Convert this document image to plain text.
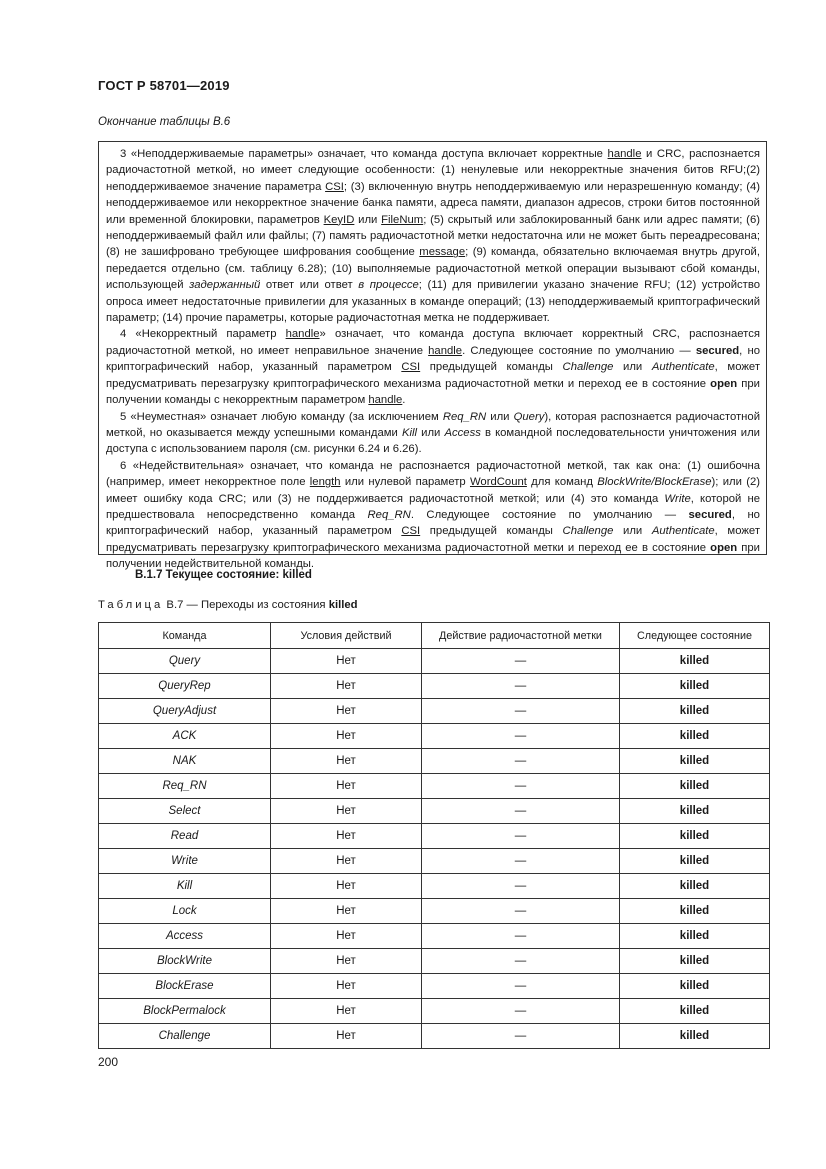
ГОСТ Р 58701—2019
Окончание таблицы В.6

3 «Неподдерживаемые параметры» означает, что команда доступа включает корректные handle и CRC, распознается радиочастотной меткой, но имеет следующие особенности: (1) ненулевые или некорректные значения битов RFU;(2) неподдерживаемое значение параметра CSI; (3) включенную внутрь неподдерживаемую или неразрешенную команду; (4) неподдерживаемое или некорректное значение банка памяти, адреса памяти, диапазон адресов, строки битов постоянной или временной блокировки, параметров KeyID или FileNum; (5) скрытый или заблокированный банк или адрес памяти; (6) неподдерживаемый файл или файлы; (7) память радиочастотной метки недостаточна или не может быть переадресована; (8) не зашифровано требующее шифрования сообщение message; (9) команда, обязательно включаемая внутрь другой, передается отдельно (см. таблицу 6.28); (10) выполняемые радиочастотной меткой операции вызывают сбой команды, использующей задержанный ответ или ответ в процессе; (11) для привилегии указано значение RFU; (12) устройство опроса имеет недостаточные привилегии для указанных в команде операций; (13) неподдерживаемый криптографический параметр; (14) прочие параметры, которые радиочастотная метка не поддерживает.

4 «Некорректный параметр handle» означает, что команда доступа включает корректный CRC, распознается радиочастотной меткой, но имеет неправильное значение handle. Следующее состояние по умолчанию — secured, но криптографический набор, указанный параметром CSI предыдущей команды Challenge или Authenticate, может предусматривать перезагрузку криптографического механизма радиочастотной метки и переход ее в состояние open при получении команды с некорректным параметром handle.

5 «Неуместная» означает любую команду (за исключением Req_RN или Query), которая распознается радиочастотной меткой, но оказывается между успешными командами Kill или Access в командной последовательности уничтожения или доступа с использованием пароля (см. рисунки 6.24 и 6.26).

6 «Недействительная» означает, что команда не распознается радиочастотной меткой, так как она: (1) ошибочна (например, имеет некорректное поле length или нулевой параметр WordCount для команд BlockWrite/BlockErase); или (2) имеет ошибку кода CRC; или (3) не поддерживается радиочастотной меткой; или (4) это команда Write, которой не предшествовала непосредственно команда Req_RN. Следующее состояние по умолчанию — secured, но криптографический набор, указанный параметром CSI предыдущей команды Challenge или Authenticate, может предусматривать перезагрузку криптографического механизма радиочастотной метки и переход ее в состояние open при получении недействительной команды.

В.1.7 Текущее состояние: killed
Таблица В.7 — Переходы из состояния killed
Команда	Условия действий	Действие радиочастотной метки	Следующее состояние
Query	Нет	—	killed
QueryRep	Нет	—	killed
QueryAdjust	Нет	—	killed
ACK	Нет	—	killed
NAK	Нет	—	killed
Req_RN	Нет	—	killed
Select	Нет	—	killed
Read	Нет	—	killed
Write	Нет	—	killed
Kill	Нет	—	killed
Lock	Нет	—	killed
Access	Нет	—	killed
BlockWrite	Нет	—	killed
BlockErase	Нет	—	killed
BlockPermalock	Нет	—	killed
Challenge	Нет	—	killed
200
